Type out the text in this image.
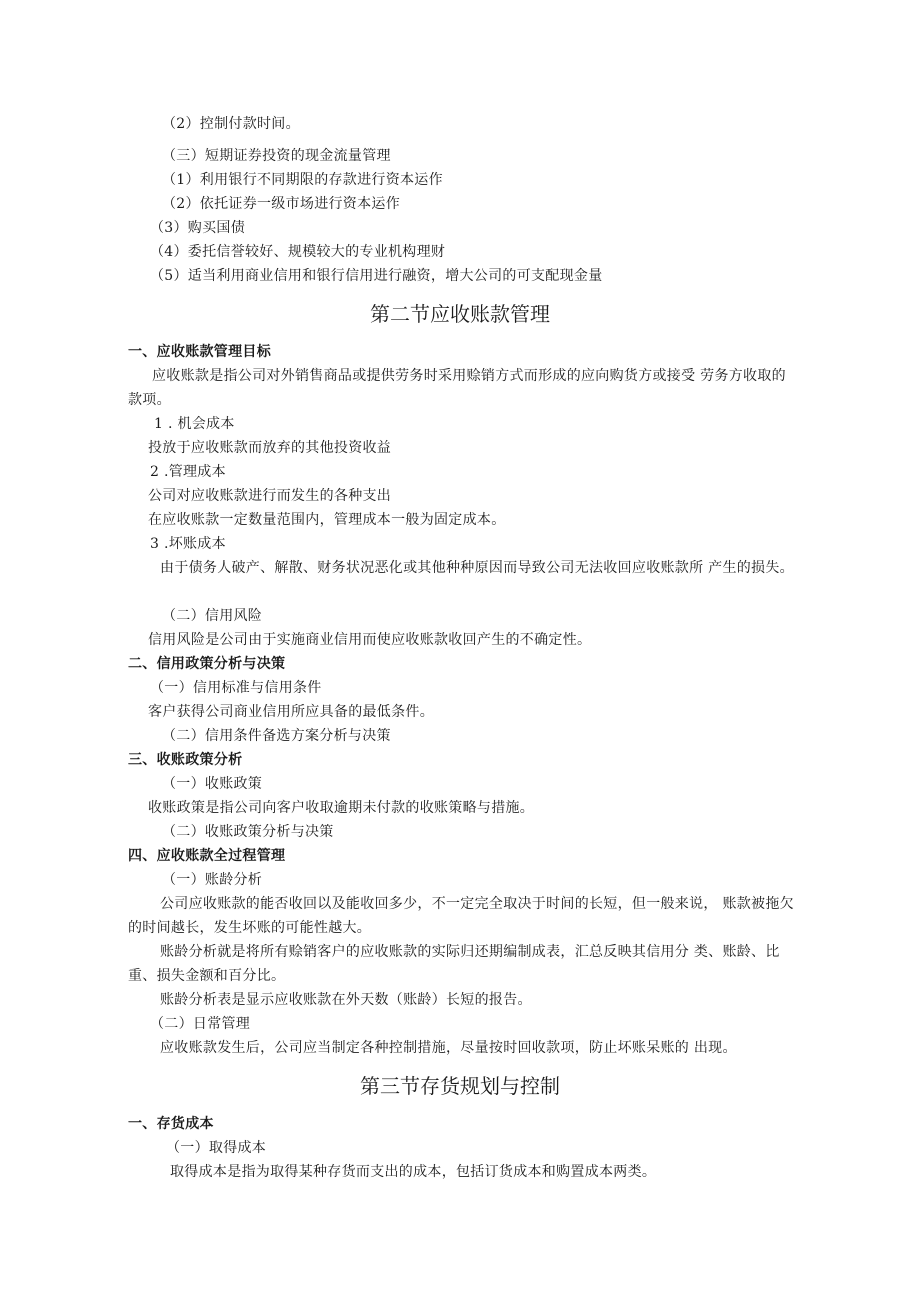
（2）控制付款时间。
（三）短期证券投资的现金流量管理
（1）利用银行不同期限的存款进行资本运作
（2）依托证券一级市场进行资本运作
（3）购买国债
（4）委托信誉较好、规模较大的专业机构理财
（5）适当利用商业信用和银行信用进行融资，增大公司的可支配现金量
第二节应收账款管理
一、应收账款管理目标
应收账款是指公司对外销售商品或提供劳务时采用赊销方式而形成的应向购货方或接受 劳务方收取的款项。
1 . 机会成本
投放于应收账款而放弃的其他投资收益
2 .管理成本
公司对应收账款进行而发生的各种支出
在应收账款一定数量范围内，管理成本一般为固定成本。
3 .坏账成本
由于债务人破产、解散、财务状况恶化或其他种种原因而导致公司无法收回应收账款所 产生的损失。
（二）信用风险
信用风险是公司由于实施商业信用而使应收账款收回产生的不确定性。
二、信用政策分析与决策
（一）信用标准与信用条件
客户获得公司商业信用所应具备的最低条件。
（二）信用条件备选方案分析与决策
三、收账政策分析
（一）收账政策
收账政策是指公司向客户收取逾期未付款的收账策略与措施。
（二）收账政策分析与决策
四、应收账款全过程管理
（一）账龄分析
公司应收账款的能否收回以及能收回多少，不一定完全取决于时间的长短，但一般来说， 账款被拖欠的时间越长，发生坏账的可能性越大。
账龄分析就是将所有赊销客户的应收账款的实际归还期编制成表，汇总反映其信用分 类、账龄、比重、损失金额和百分比。
账龄分析表是显示应收账款在外天数（账龄）长短的报告。
（二）日常管理
应收账款发生后，公司应当制定各种控制措施，尽量按时回收款项，防止坏账呆账的 出现。
第三节存货规划与控制
一、存货成本
（一）取得成本
取得成本是指为取得某种存货而支出的成本，包括订货成本和购置成本两类。
